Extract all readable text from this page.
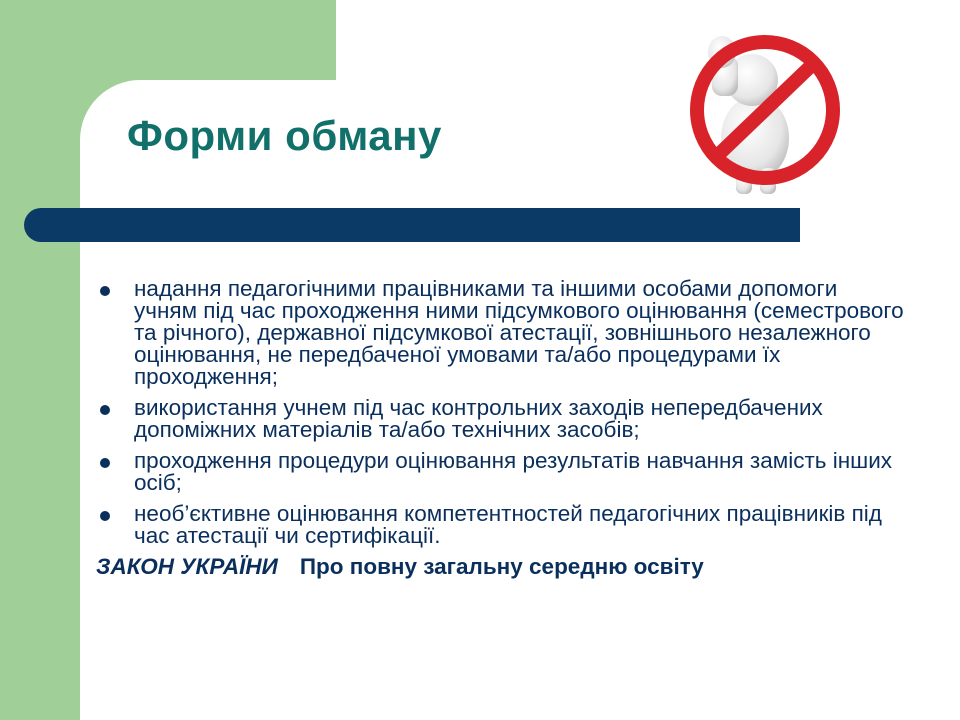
Форми обману
надання педагогічними працівниками та іншими особами допомоги учням під час проходження ними підсумкового оцінювання (семестрового та річного), державної підсумкової атестації, зовнішнього незалежного оцінювання, не передбаченої умовами та/або процедурами їх проходження;
використання учнем під час контрольних заходів непередбачених допоміжних матеріалів та/або технічних засобів;
проходження процедури оцінювання результатів навчання замість інших осіб;
необ’єктивне оцінювання компетентностей педагогічних працівників під час атестації чи сертифікації.
ЗАКОН УКРАЇНИ Про повну загальну середню освіту
